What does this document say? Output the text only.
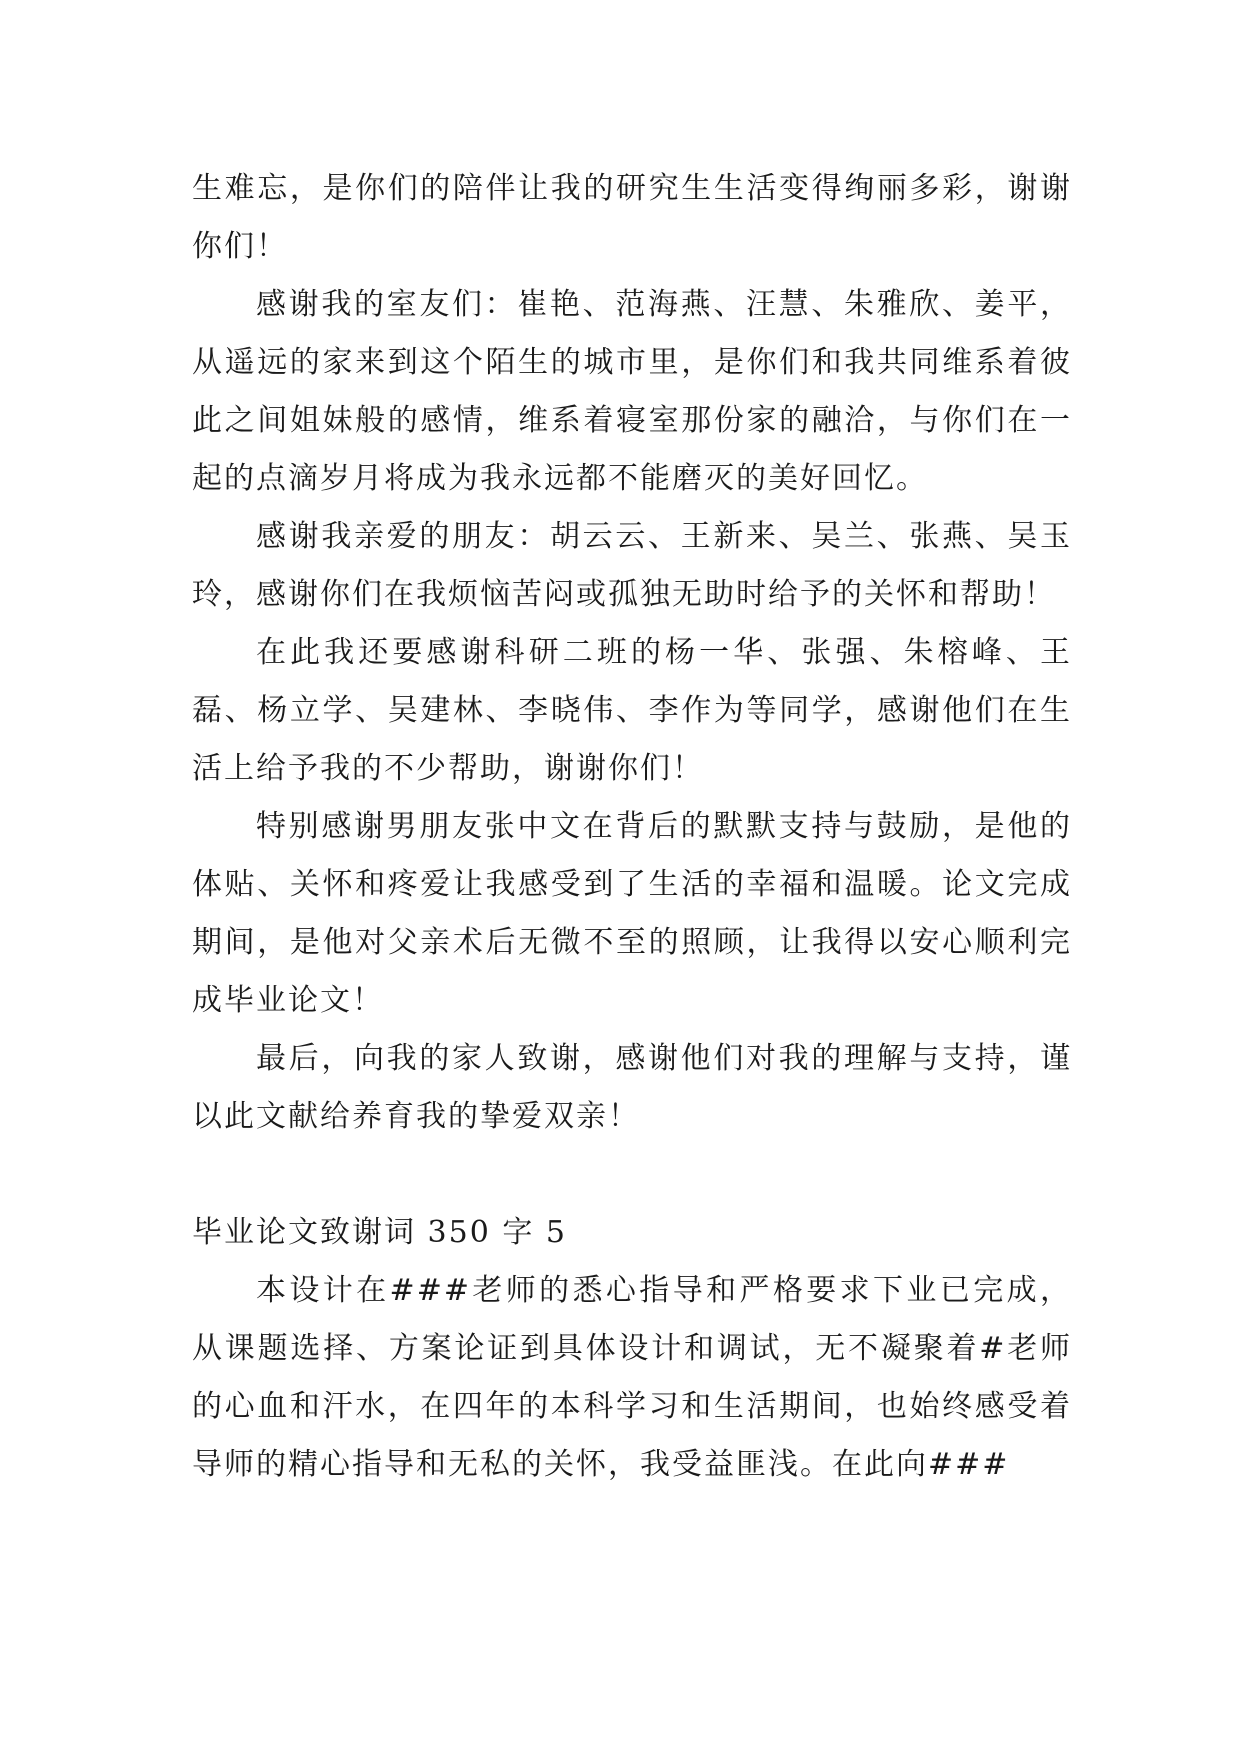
生难忘，是你们的陪伴让我的研究生生活变得绚丽多彩，谢谢你们！

感谢我的室友们：崔艳、范海燕、汪慧、朱雅欣、姜平，从遥远的家来到这个陌生的城市里，是你们和我共同维系着彼此之间姐妹般的感情，维系着寝室那份家的融洽，与你们在一起的点滴岁月将成为我永远都不能磨灭的美好回忆。

感谢我亲爱的朋友：胡云云、王新来、吴兰、张燕、吴玉玲，感谢你们在我烦恼苦闷或孤独无助时给予的关怀和帮助！

在此我还要感谢科研二班的杨一华、张强、朱榕峰、王磊、杨立学、吴建林、李晓伟、李作为等同学，感谢他们在生活上给予我的不少帮助，谢谢你们！

特别感谢男朋友张中文在背后的默默支持与鼓励，是他的体贴、关怀和疼爱让我感受到了生活的幸福和温暖。论文完成期间，是他对父亲术后无微不至的照顾，让我得以安心顺利完成毕业论文！

最后，向我的家人致谢，感谢他们对我的理解与支持，谨以此文献给养育我的挚爱双亲！

毕业论文致谢词 350 字 5

本设计在###老师的悉心指导和严格要求下业已完成，从课题选择、方案论证到具体设计和调试，无不凝聚着#老师的心血和汗水，在四年的本科学习和生活期间，也始终感受着导师的精心指导和无私的关怀，我受益匪浅。在此向###
